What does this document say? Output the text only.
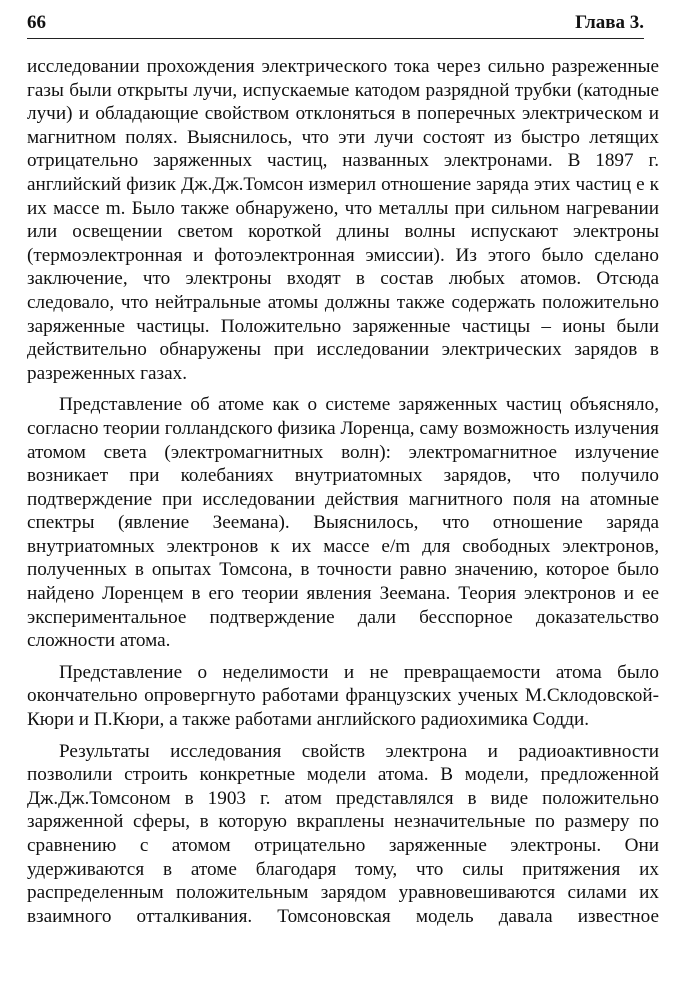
66	Глава 3.

исследовании прохождения электрического тока через сильно разреженные газы были открыты лучи, испускаемые катодом разрядной трубки (катодные лучи) и обладающие свойством отклоняться в поперечных электрическом и магнитном полях. Выяснилось, что эти лучи состоят из быстро летящих отрицательно заряженных частиц, названных электронами. В 1897 г. английский физик Дж.Дж.Томсон измерил отношение заряда этих частиц e к их массе m. Было также обнаружено, что металлы при сильном нагревании или освещении светом короткой длины волны испускают электроны (термоэлектронная и фотоэлектронная эмиссии). Из этого было сделано заключение, что электроны входят в состав любых атомов. Отсюда следовало, что нейтральные атомы должны также содержать положительно заряженные частицы. Положительно заряженные частицы – ионы были действительно обнаружены при исследовании электрических зарядов в разреженных газах.

Представление об атоме как о системе заряженных частиц объясняло, согласно теории голландского физика Лоренца, саму возможность излучения атомом света (электромагнитных волн): электромагнитное излучение возникает при колебаниях внутриатомных зарядов, что получило подтверждение при исследовании действия магнитного поля на атомные спектры (явление Зеемана). Выяснилось, что отношение заряда внутриатомных электронов к их массе e/m для свободных электронов, полученных в опытах Томсона, в точности равно значению, которое было найдено Лоренцем в его теории явления Зеемана. Теория электронов и ее экспериментальное подтверждение дали бесспорное доказательство сложности атома.

Представление о неделимости и не превращаемости атома было окончательно опровергнуто работами французских ученых М.Склодовской-Кюри и П.Кюри, а также работами английского радиохимика Содди.

Результаты исследования свойств электрона и радиоактивности позволили строить конкретные модели атома. В модели, предложенной Дж.Дж.Томсоном в 1903 г. атом представлялся в виде положительно заряженной сферы, в которую вкраплены незначительные по размеру по сравнению с атомом отрицательно заряженные электроны. Они удерживаются в атоме благодаря тому, что силы притяжения их распределенным положительным зарядом уравновешиваются силами их взаимного отталкивания. Томсоновская модель давала известное
